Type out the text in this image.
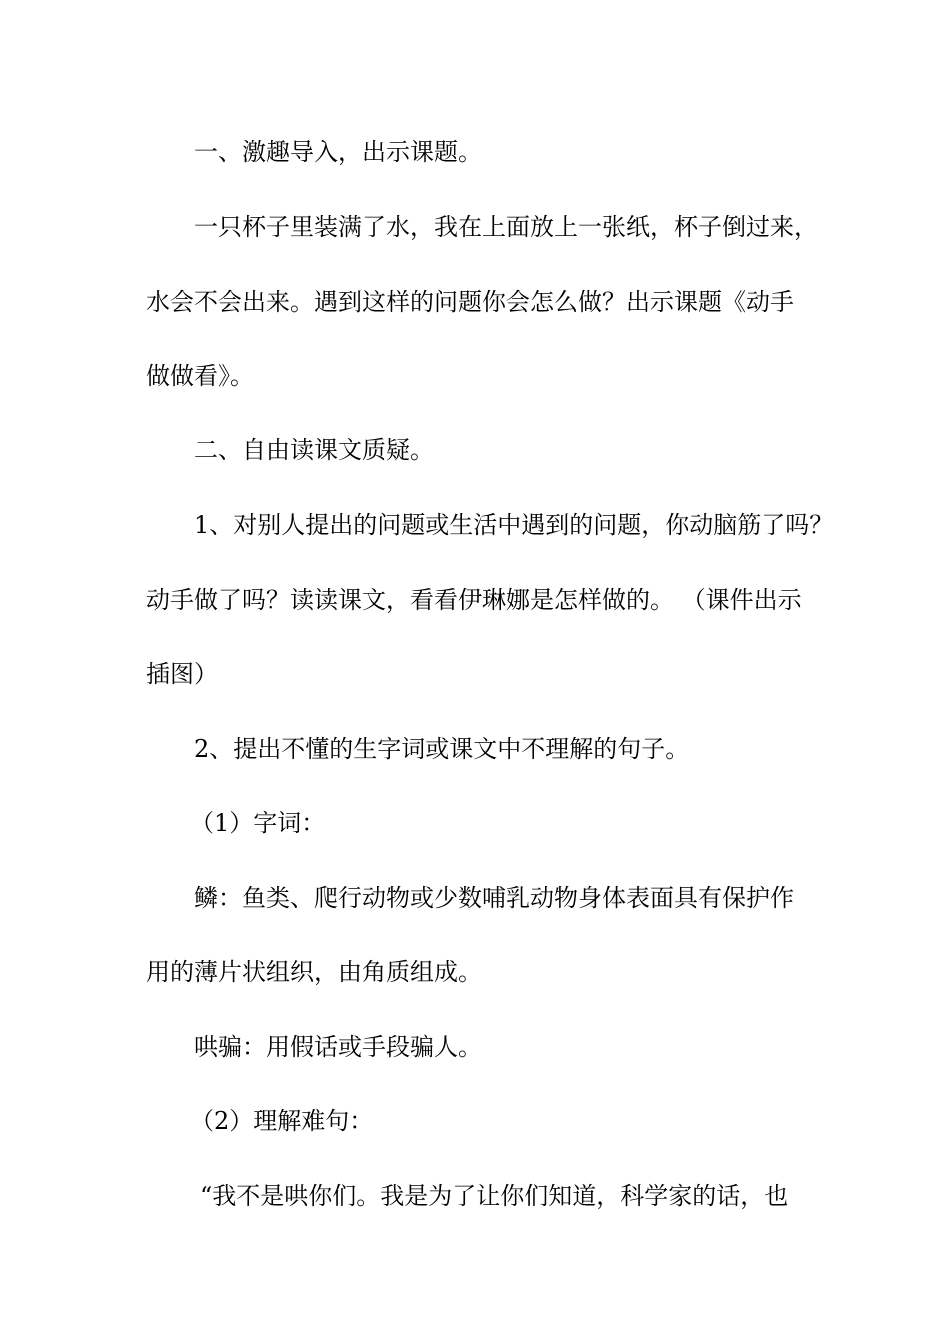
一、激趣导入，出示课题。
一只杯子里装满了水，我在上面放上一张纸，杯子倒过来，
水会不会出来。遇到这样的问题你会怎么做？出示课题《动手
做做看》。
二、自由读课文质疑。
1、对别人提出的问题或生活中遇到的问题，你动脑筋了吗？
动手做了吗？读读课文，看看伊琳娜是怎样做的。 （课件出示
插图）
2、提出不懂的生字词或课文中不理解的句子。
（1）字词：
鳞：鱼类、爬行动物或少数哺乳动物身体表面具有保护作
用的薄片状组织，由角质组成。
哄骗：用假话或手段骗人。
（2）理解难句：
“我不是哄你们。我是为了让你们知道，科学家的话，也
